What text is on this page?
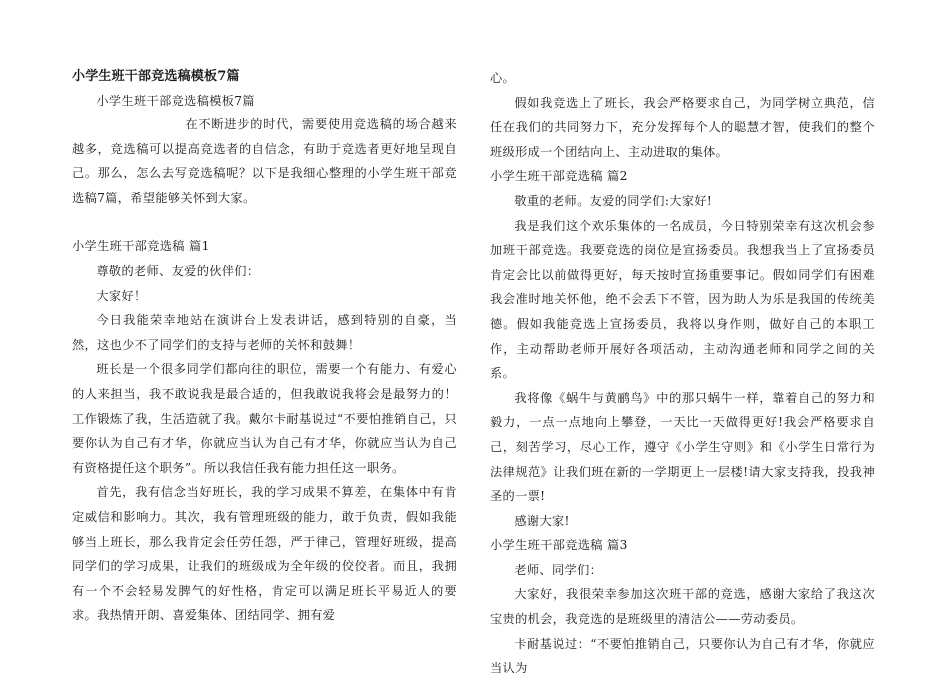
小学生班干部竞选稿模板7篇

小学生班干部竞选稿模板7篇

在不断进步的时代，需要使用竞选稿的场合越来越多，竞选稿可以提高竞选者的自信念，有助于竞选者更好地呈现自己。那么，怎么去写竞选稿呢？以下是我细心整理的小学生班干部竞选稿7篇，希望能够关怀到大家。

小学生班干部竞选稿 篇1

尊敬的老师、友爱的伙伴们：

大家好！

今日我能荣幸地站在演讲台上发表讲话，感到特别的自豪，当然，这也少不了同学们的支持与老师的关怀和鼓舞！

班长是一个很多同学们都向往的职位，需要一个有能力、有爱心的人来担当，我不敢说我是最合适的，但我敢说我将会是最努力的！工作锻炼了我，生活造就了我。戴尔卡耐基说过“不要怕推销自己，只要你认为自己有才华，你就应当认为自己有才华，你就应当认为自己有资格提任这个职务”。所以我信任我有能力担任这一职务。

首先，我有信念当好班长，我的学习成果不算差，在集体中有肯定威信和影响力。其次，我有管理班级的能力，敢于负责，假如我能够当上班长，那么我肯定会任劳任怨，严于律己，管理好班级，提高同学们的学习成果，让我们的班级成为全年级的佼佼者。而且，我拥有一个不会轻易发脾气的好性格，肯定可以满足班长平易近人的要求。我热情开朗、喜爱集体、团结同学、拥有爱

心。

假如我竞选上了班长，我会严格要求自己，为同学树立典范，信任在我们的共同努力下，充分发挥每个人的聪慧才智，使我们的整个班级形成一个团结向上、主动进取的集体。

小学生班干部竞选稿 篇2

敬重的老师。友爱的同学们:大家好!

我是我们这个欢乐集体的一名成员，今日特别荣幸有这次机会参加班干部竞选。我要竞选的岗位是宣扬委员。我想我当上了宣扬委员肯定会比以前做得更好，每天按时宣扬重要事记。假如同学们有困难我会准时地关怀他，绝不会丢下不管，因为助人为乐是我国的传统美德。假如我能竞选上宣扬委员，我将以身作则，做好自己的本职工作，主动帮助老师开展好各项活动，主动沟通老师和同学之间的关系。

我将像《蜗牛与黄鹂鸟》中的那只蜗牛一样，靠着自己的努力和毅力，一点一点地向上攀登，一天比一天做得更好!我会严格要求自己，刻苦学习，尽心工作，遵守《小学生守则》和《小学生日常行为法律规范》让我们班在新的一学期更上一层楼!请大家支持我，投我神圣的一票!

感谢大家!

小学生班干部竞选稿 篇3

老师、同学们：

大家好，我很荣幸参加这次班干部的竞选，感谢大家给了我这次宝贵的机会，我竞选的是班级里的清洁公——劳动委员。

卡耐基说过：“不要怕推销自己，只要你认为自己有才华，你就应当认为
